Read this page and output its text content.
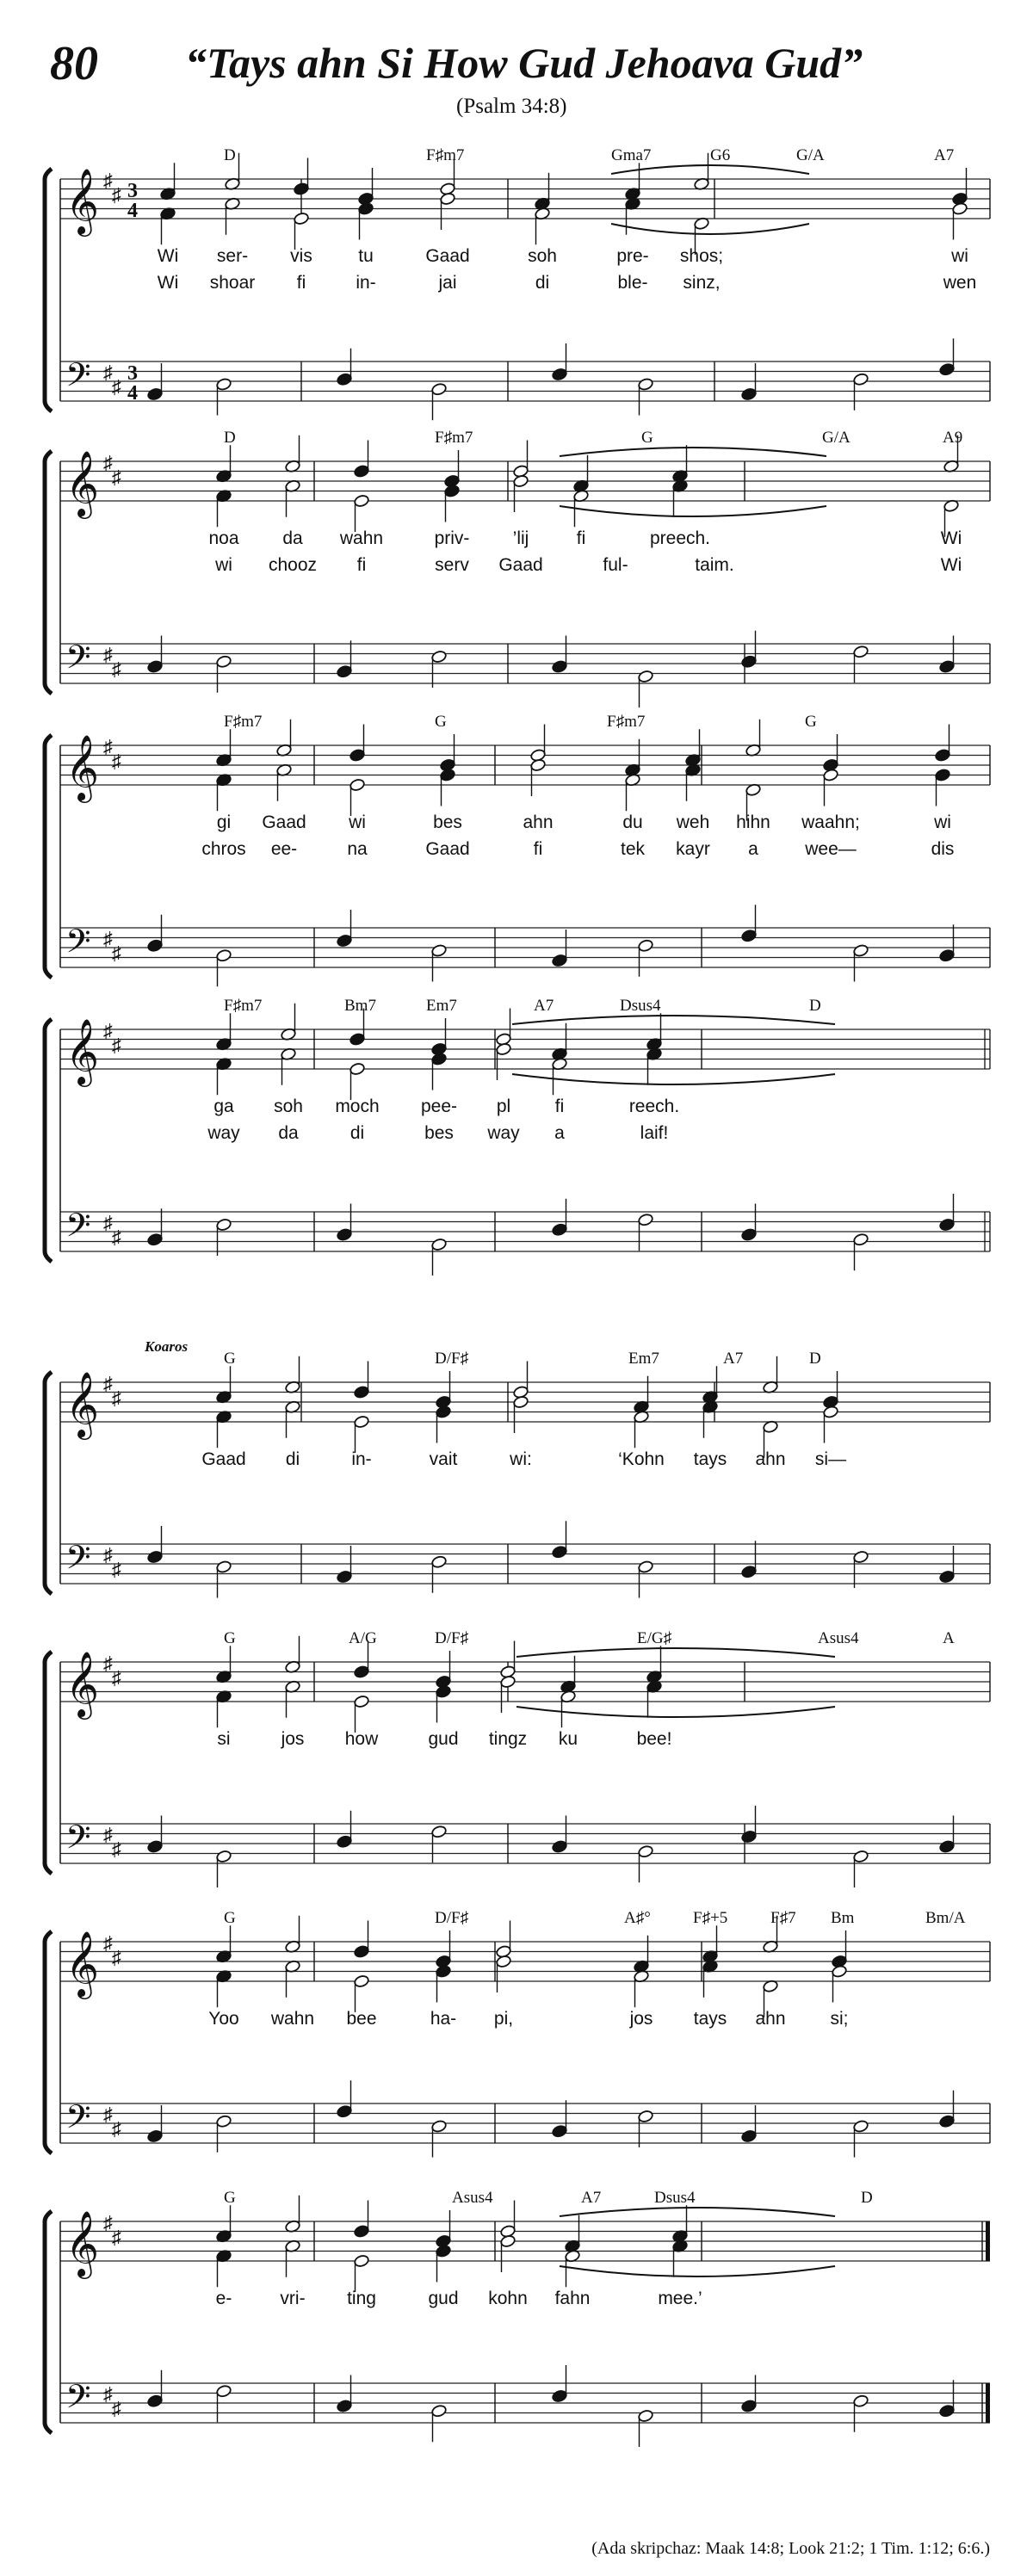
80 “Tays ahn Si How Gud Jehoava Gud”
(Psalm 34:8)
𝄞
𝄢
♯
♯
♯
♯
3
4
3
4
D	F♯m7	Gma7	G6	G/A	A7
Wi ser- vis	tu	Gaad	soh	pre- shos;	wi
Wi shoar fi	in-	jai	di	ble- sinz,	wen
𝄞
𝄢
♯
♯
♯
♯
D	F♯m7	G	G/A	A9
noa da wahn	priv- ’lij	fi	preech.	Wi
wi chooz fi	serv Gaad	ful-	taim.	Wi
𝄞
𝄢
♯
♯
♯
♯
F♯m7	G	F♯m7	G
gi Gaad wi	bes	ahn	du weh hihn waahn;	wi
chros ee-	na	Gaad	fi	tek kayr a	wee—	dis
𝄞
𝄢
♯
♯
♯
♯
F♯m7	Bm7	Em7	A7	Dsus4	D
ga soh moch pee- pl fi	reech.
way da	di	bes way a	laif!
Koaros
𝄞
𝄢
♯
♯
♯
♯
G	D/F♯	Em7	A7	D
Gaad di	in-	vait	wi:	‘Kohn tays ahn si—
𝄞
𝄢
♯
♯
♯
♯
G	A/G	D/F♯	E/G♯	Asus4	A
si	jos how	gud tingz ku	bee!
𝄞
𝄢
♯
♯
♯
♯
G	D/F♯	A♯°	F♯+5	F♯7 Bm	Bm/A
Yoo wahn bee	ha- pi,	jos tays ahn si;
𝄞
𝄢
♯
♯
♯
♯
G	Asus4	A7	Dsus4	D
e-	vri- ting	gud kohn fahn	mee.’
(Ada skripchaz: Maak 14:8; Look 21:2; 1 Tim. 1:12; 6:6.)
